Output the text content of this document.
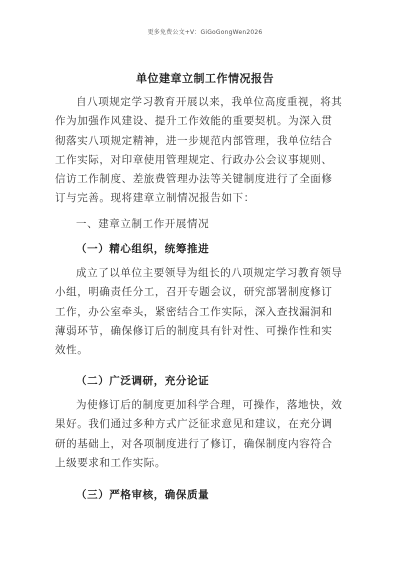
更多免费公文+V：GiGoGongWen2026
单位建章立制工作情况报告
自八项规定学习教育开展以来，我单位高度重视，将其
作为加强作风建设、提升工作效能的重要契机。为深入贯
彻落实八项规定精神，进一步规范内部管理，我单位结合
工作实际，对印章使用管理规定、行政办公会议事规则、
信访工作制度、差旅费管理办法等关键制度进行了全面修
订与完善。现将建章立制情况报告如下：
一、建章立制工作开展情况
（一）精心组织，统筹推进
成立了以单位主要领导为组长的八项规定学习教育领导
小组，明确责任分工，召开专题会议，研究部署制度修订
工作，办公室牵头，紧密结合工作实际，深入查找漏洞和
薄弱环节，确保修订后的制度具有针对性、可操作性和实
效性。
（二）广泛调研，充分论证
为使修订后的制度更加科学合理，可操作，落地快，效
果好。我们通过多种方式广泛征求意见和建议，在充分调
研的基础上，对各项制度进行了修订，确保制度内容符合
上级要求和工作实际。
（三）严格审核，确保质量
